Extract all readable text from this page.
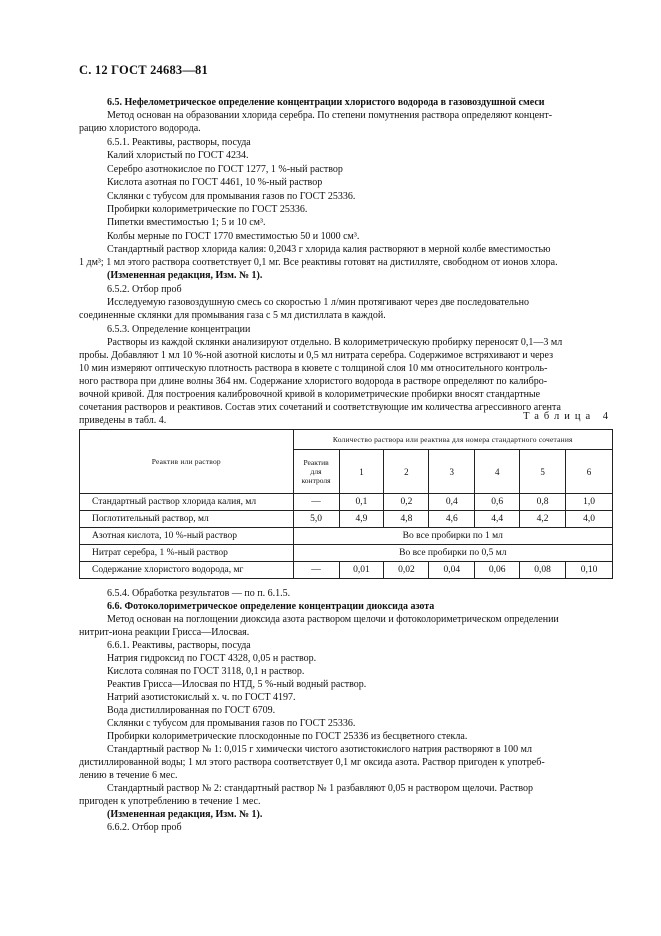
С. 12 ГОСТ 24683—81
6.5. Нефелометрическое определение концентрации хлористого водорода в газовоздушной смеси
Метод основан на образовании хлорида серебра. По степени помутнения раствора определяют концент-
рацию хлористого водорода.
6.5.1. Реактивы, растворы, посуда
Калий хлористый по ГОСТ 4234.
Серебро азотнокислое по ГОСТ 1277, 1 %-ный раствор
Кислота азотная по ГОСТ 4461, 10 %-ный раствор
Склянки с тубусом для промывания газов по ГОСТ 25336.
Пробирки колориметрические по ГОСТ 25336.
Пипетки вместимостью 1; 5 и 10 см³.
Колбы мерные по ГОСТ 1770 вместимостью 50 и 1000 см³.
Стандартный раствор хлорида калия: 0,2043 г хлорида калия растворяют в мерной колбе вместимостью
1 дм³; 1 мл этого раствора соответствует 0,1 мг. Все реактивы готовят на дистилляте, свободном от ионов хлора.
(Измененная редакция, Изм. № 1).
6.5.2. Отбор проб
Исследуемую газовоздушную смесь со скоростью 1 л/мин протягивают через две последовательно
соединенные склянки для промывания газа с 5 мл дистиллата в каждой.
6.5.3. Определение концентрации
Растворы из каждой склянки анализируют отдельно. В колориметрическую пробирку переносят 0,1—3 мл
пробы. Добавляют 1 мл 10 %-ной азотной кислоты и 0,5 мл нитрата серебра. Содержимое встряхивают и через
10 мин измеряют оптическую плотность раствора в кювете с толщиной слоя 10 мм относительного контроль-
ного раствора при длине волны 364 нм. Содержание хлористого водорода в растворе определяют по калибро-
вочной кривой. Для построения калибровочной кривой в колориметрические пробирки вносят стандартные
сочетания растворов и реактивов. Состав этих сочетаний и соответствующие им количества агрессивного агента
приведены в табл. 4.	Таблица 4
Реактив или раствор	Количество раствора или реактива для номера стандартного сочетания						

	Реактив
для
контроля	1	2	3	4	5	6
Стандартный раствор хлорида калия, мл	—	0,1	0,2	0,4	0,6	0,8	1,0
Поглотительный раствор, мл	5,0	4,9	4,8	4,6	4,4	4,2	4,0
Азотная кислота, 10 %-ный раствор	Во все пробирки по 1 мл						
Нитрат серебра, 1 %-ный раствор	Во все пробирки по 0,5 мл						
Содержание хлористого водорода, мг	—	0,01	0,02	0,04	0,06	0,08	0,10
6.5.4. Обработка результатов — по п. 6.1.5.
6.6. Фотоколориметрическое определение концентрации диоксида азота
Метод основан на поглощении диоксида азота раствором щелочи и фотоколориметрическом определении
нитрит-иона реакции Грисса—Илосвая.
6.6.1. Реактивы, растворы, посуда
Натрия гидроксид по ГОСТ 4328, 0,05 н раствор.
Кислота соляная по ГОСТ 3118, 0,1 н раствор.
Реактив Грисса—Илосвая по НТД, 5 %-ный водный раствор.
Натрий азотистокислый х. ч. по ГОСТ 4197.
Вода дистиллированная по ГОСТ 6709.
Склянки с тубусом для промывания газов по ГОСТ 25336.
Пробирки колориметрические плоскодонные по ГОСТ 25336 из бесцветного стекла.
Стандартный раствор № 1: 0,015 г химически чистого азотистокислого натрия растворяют в 100 мл
дистиллированной воды; 1 мл этого раствора соответствует 0,1 мг оксида азота. Раствор пригоден к употреб-
лению в течение 6 мес.
Стандартный раствор № 2: стандартный раствор № 1 разбавляют 0,05 н раствором щелочи. Раствор
пригоден к употреблению в течение 1 мес.
(Измененная редакция, Изм. № 1).
6.6.2. Отбор проб
